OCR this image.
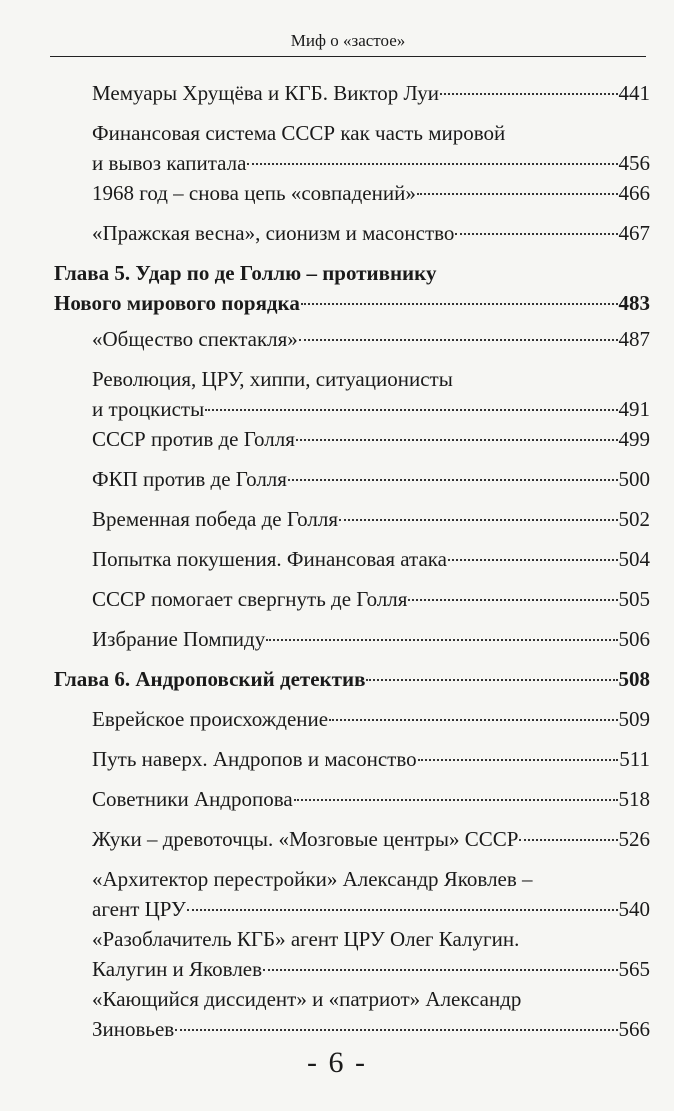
Миф о «застое»
Мемуары Хрущёва и КГБ. Виктор Луи	441
Финансовая система СССР как часть мировой
и вывоз капитала	456
1968 год – снова цепь «совпадений»	466
«Пражская весна», сионизм и масонство	467
Глава 5. Удар по де Голлю – противнику
Нового мирового порядка	483
«Общество спектакля»	487
Революция, ЦРУ, хиппи, ситуационисты
и троцкисты	491
СССР против де Голля	499
ФКП против де Голля	500
Временная победа де Голля	502
Попытка покушения. Финансовая атака	504
СССР помогает свергнуть де Голля	505
Избрание Помпиду	506
Глава 6. Андроповский детектив	508
Еврейское происхождение	509
Путь наверх. Андропов и масонство	511
Советники Андропова	518
Жуки – древоточцы. «Мозговые центры» СССР	526
«Архитектор перестройки» Александр Яковлев –
агент ЦРУ	540
«Разоблачитель КГБ» агент ЦРУ Олег Калугин.
Калугин и Яковлев	565
«Кающийся диссидент» и «патриот» Александр
Зиновьев	566
- 6 -
